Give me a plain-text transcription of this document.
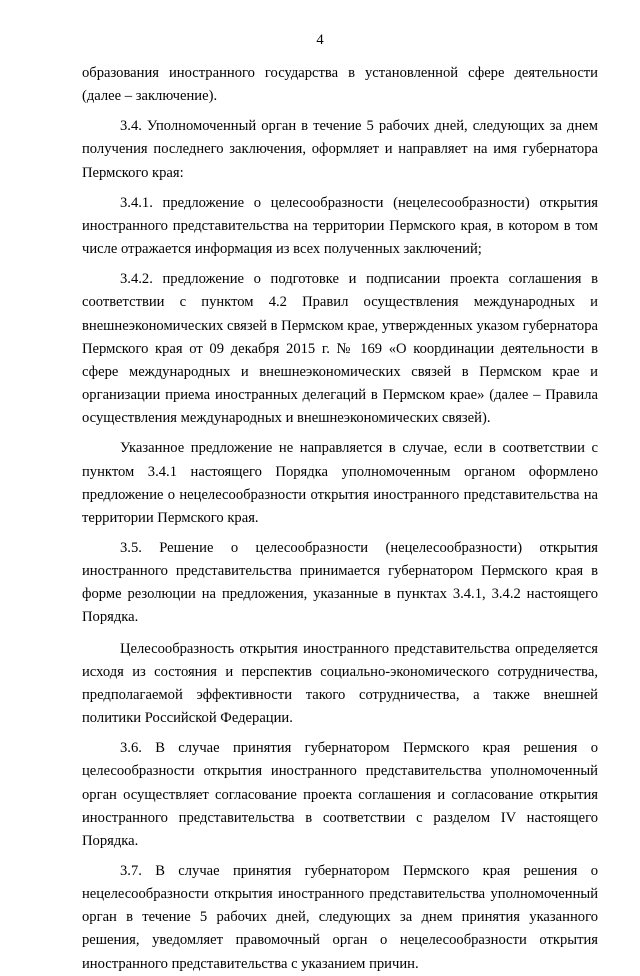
4

образования иностранного государства в установленной сфере деятельности (далее – заключение).

3.4. Уполномоченный орган в течение 5 рабочих дней, следующих за днем получения последнего заключения, оформляет и направляет на имя губернатора Пермского края:

3.4.1. предложение о целесообразности (нецелесообразности) открытия иностранного представительства на территории Пермского края, в котором в том числе отражается информация из всех полученных заключений;

3.4.2. предложение о подготовке и подписании проекта соглашения в соответствии с пунктом 4.2 Правил осуществления международных и внешнеэкономических связей в Пермском крае, утвержденных указом губернатора Пермского края от 09 декабря 2015 г. № 169 «О координации деятельности в сфере международных и внешнеэкономических связей в Пермском крае и организации приема иностранных делегаций в Пермском крае» (далее – Правила осуществления международных и внешнеэкономических связей).

Указанное предложение не направляется в случае, если в соответствии с пунктом 3.4.1 настоящего Порядка уполномоченным органом оформлено предложение о нецелесообразности открытия иностранного представительства на территории Пермского края.

3.5. Решение о целесообразности (нецелесообразности) открытия иностранного представительства принимается губернатором Пермского края в форме резолюции на предложения, указанные в пунктах 3.4.1, 3.4.2 настоящего Порядка.

Целесообразность открытия иностранного представительства определяется исходя из состояния и перспектив социально-экономического сотрудничества, предполагаемой эффективности такого сотрудничества, а также внешней политики Российской Федерации.

3.6. В случае принятия губернатором Пермского края решения о целесообразности открытия иностранного представительства уполномоченный орган осуществляет согласование проекта соглашения и согласование открытия иностранного представительства в соответствии с разделом IV настоящего Порядка.

3.7. В случае принятия губернатором Пермского края решения о нецелесообразности открытия иностранного представительства уполномоченный орган в течение 5 рабочих дней, следующих за днем принятия указанного решения, уведомляет правомочный орган о нецелесообразности открытия иностранного представительства с указанием причин.
